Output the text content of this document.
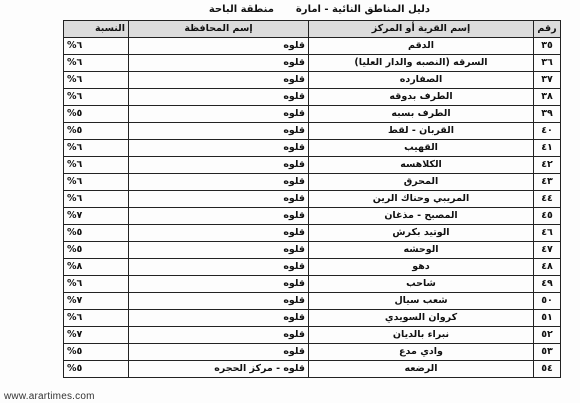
دليل المناطق النائية - امارة
منطقة الباحة
رقم	إسم القرية أو المركز	إسم المحافظة	النسبة
٣٥	الدقم	قلوه	%٦
٣٦	السرقه (النصبه والدار العليا)	قلوه	%٦
٣٧	الصفارده	قلوه	%٦
٣٨	الطرف بدوقه	قلوه	%٦
٣٩	الطرف بسبه	قلوه	%٥
٤٠	القربان - لقط	قلوه	%٥
٤١	القهيب	قلوه	%٦
٤٢	الكلاهسه	قلوه	%٦
٤٣	المحرق	قلوه	%٦
٤٤	المريبي وحناك الرين	قلوه	%٦
٤٥	المصبح - مذغان	قلوه	%٧
٤٦	الوتيد بكرش	قلوه	%٥
٤٧	الوحشه	قلوه	%٥
٤٨	دهو	قلوه	%٨
٤٩	شاحب	قلوه	%٦
٥٠	شعب سيال	قلوه	%٧
٥١	كروان السويدي	قلوه	%٦
٥٢	نبراء بالديان	قلوه	%٧
٥٣	وادي مدع	قلوه	%٥
٥٤	الرضعه	قلوه - مركز الحجره	%٥
www.arartimes.com
